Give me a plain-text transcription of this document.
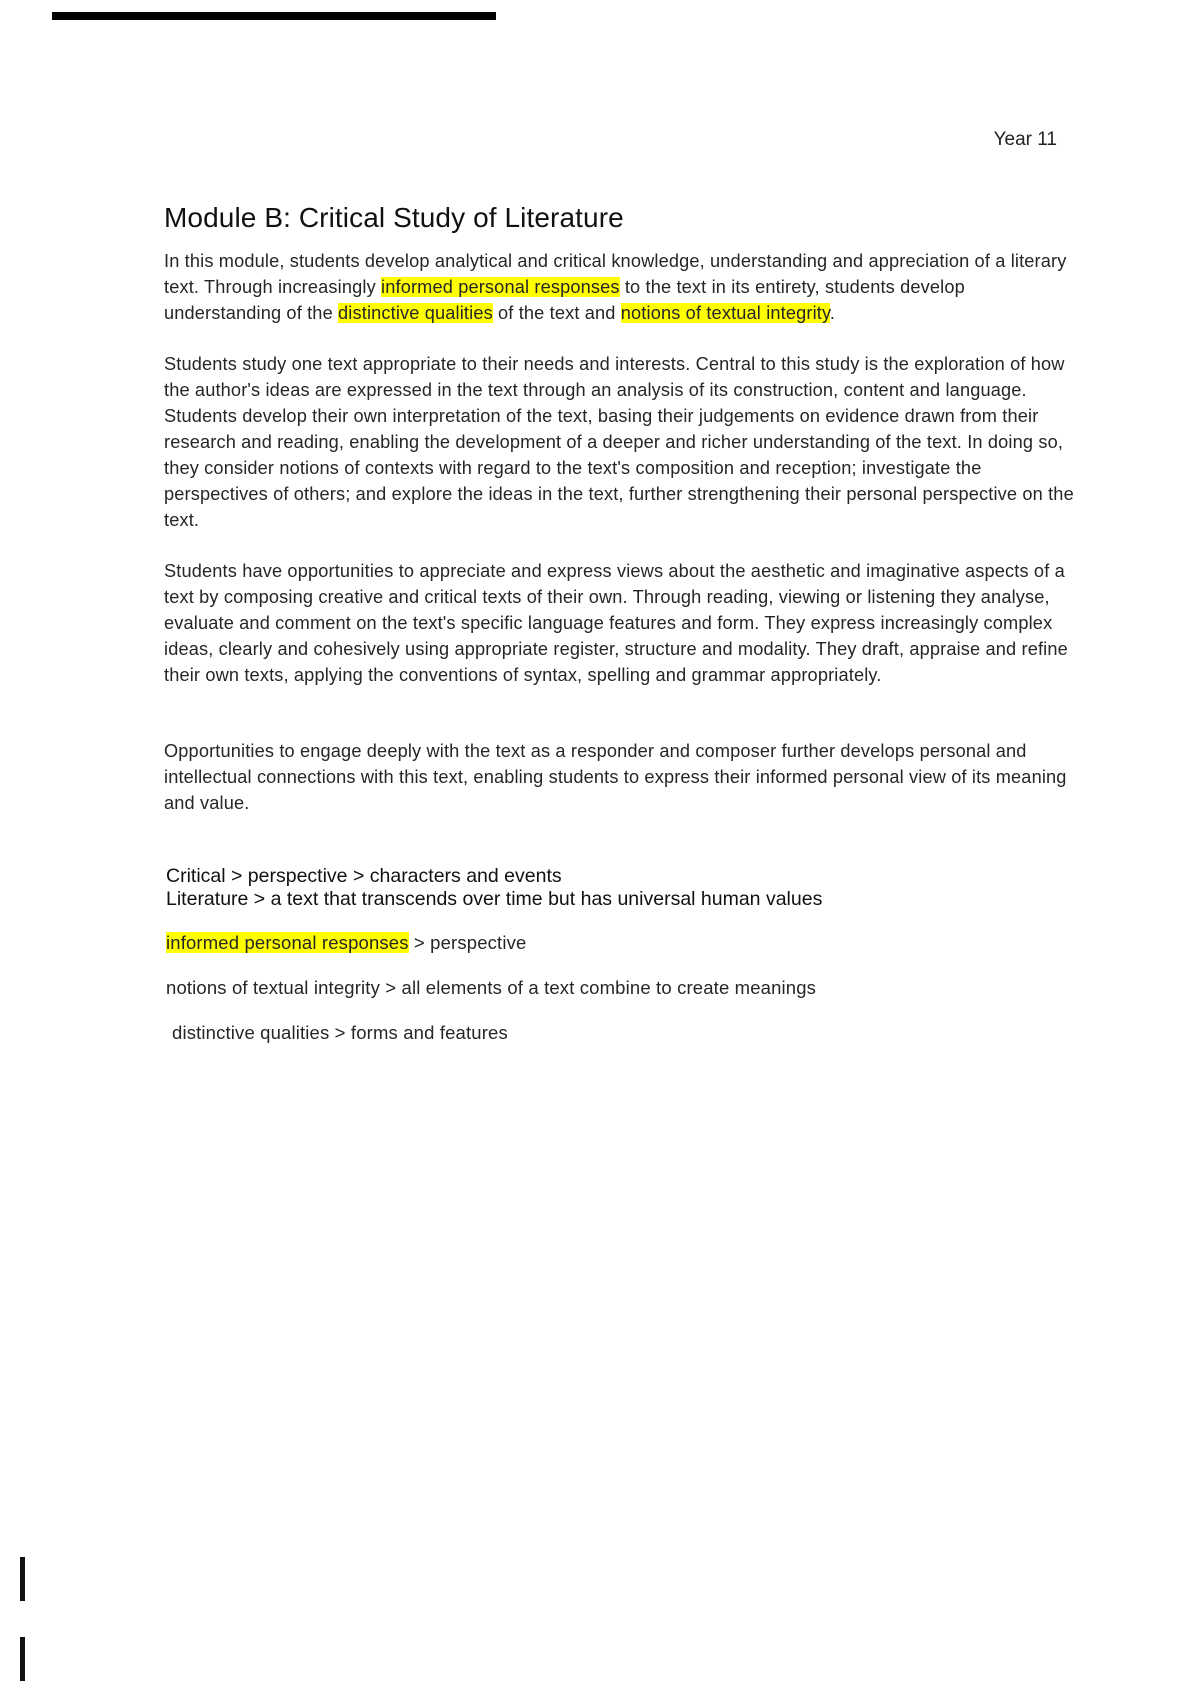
Year 11
Module B: Critical Study of Literature

In this module, students develop analytical and critical knowledge, understanding and appreciation of a literary text. Through increasingly informed personal responses to the text in its entirety, students develop understanding of the distinctive qualities of the text and notions of textual integrity.

Students study one text appropriate to their needs and interests. Central to this study is the exploration of how the author's ideas are expressed in the text through an analysis of its construction, content and language. Students develop their own interpretation of the text, basing their judgements on evidence drawn from their research and reading, enabling the development of a deeper and richer understanding of the text. In doing so, they consider notions of contexts with regard to the text's composition and reception; investigate the perspectives of others; and explore the ideas in the text, further strengthening their personal perspective on the text.

Students have opportunities to appreciate and express views about the aesthetic and imaginative aspects of a text by composing creative and critical texts of their own. Through reading, viewing or listening they analyse, evaluate and comment on the text's specific language features and form. They express increasingly complex ideas, clearly and cohesively using appropriate register, structure and modality. They draft, appraise and refine their own texts, applying the conventions of syntax, spelling and grammar appropriately.

Opportunities to engage deeply with the text as a responder and composer further develops personal and intellectual connections with this text, enabling students to express their informed personal view of its meaning and value.

Critical > perspective > characters and events
Literature > a text that transcends over time but has universal human values
informed personal responses > perspective
notions of textual integrity > all elements of a text combine to create meanings
distinctive qualities > forms and features
